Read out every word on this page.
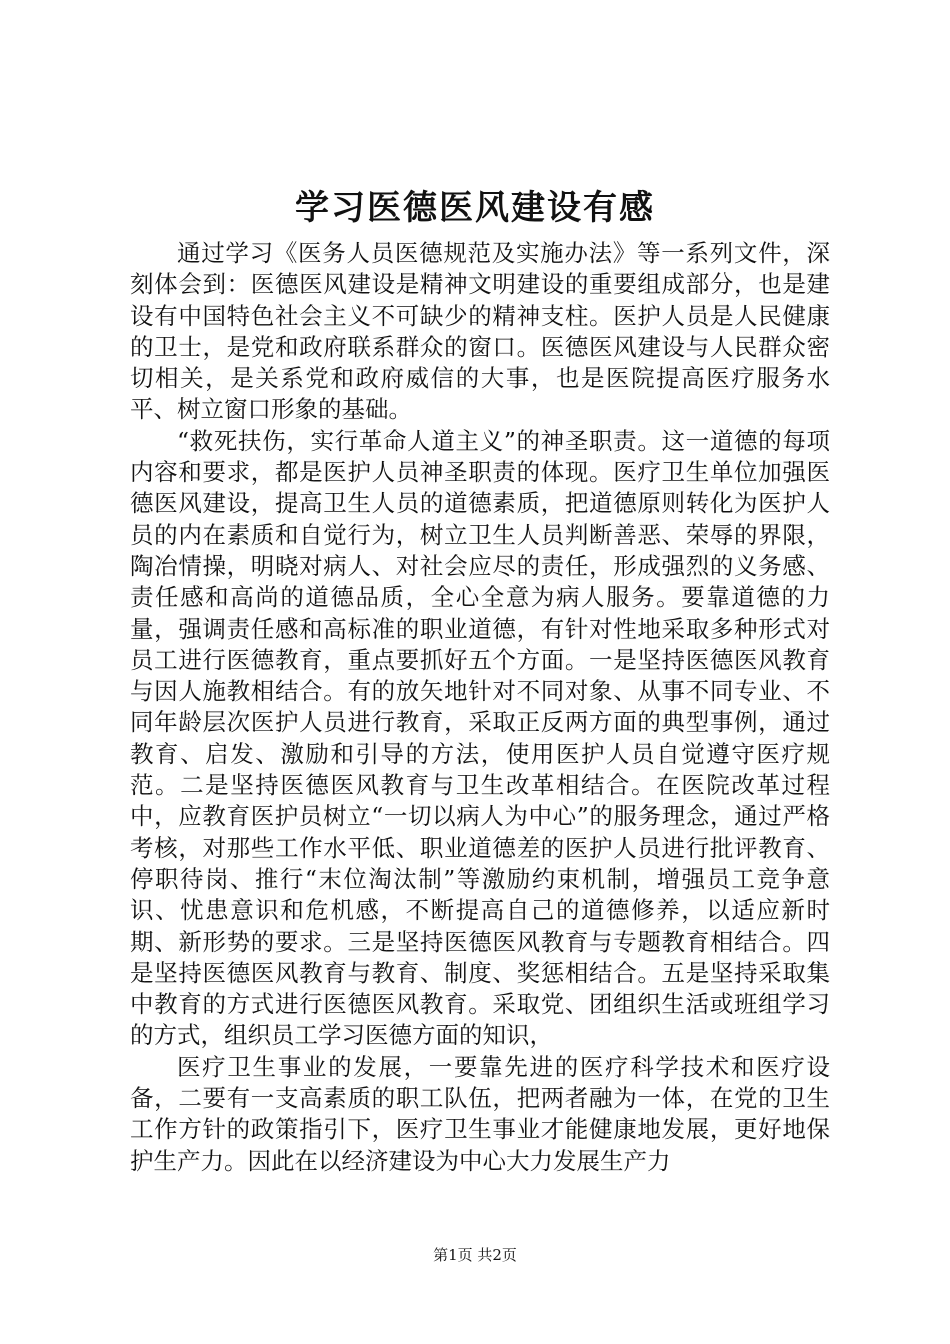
学习医德医风建设有感

通过学习《医务人员医德规范及实施办法》等一系列文件，深刻体会到：医德医风建设是精神文明建设的重要组成部分，也是建设有中国特色社会主义不可缺少的精神支柱。医护人员是人民健康的卫士，是党和政府联系群众的窗口。医德医风建设与人民群众密切相关，是关系党和政府威信的大事，也是医院提高医疗服务水平、树立窗口形象的基础。

“救死扶伤，实行革命人道主义”的神圣职责。这一道德的每项内容和要求，都是医护人员神圣职责的体现。医疗卫生单位加强医德医风建设，提高卫生人员的道德素质，把道德原则转化为医护人员的内在素质和自觉行为，树立卫生人员判断善恶、荣辱的界限，陶冶情操，明晓对病人、对社会应尽的责任，形成强烈的义务感、责任感和高尚的道德品质，全心全意为病人服务。要靠道德的力量，强调责任感和高标准的职业道德，有针对性地采取多种形式对员工进行医德教育，重点要抓好五个方面。一是坚持医德医风教育与因人施教相结合。有的放矢地针对不同对象、从事不同专业、不同年龄层次医护人员进行教育，采取正反两方面的典型事例，通过教育、启发、激励和引导的方法，使用医护人员自觉遵守医疗规范。二是坚持医德医风教育与卫生改革相结合。在医院改革过程中，应教育医护员树立“一切以病人为中心”的服务理念，通过严格考核，对那些工作水平低、职业道德差的医护人员进行批评教育、停职待岗、推行“末位淘汰制”等激励约束机制，增强员工竞争意识、忧患意识和危机感，不断提高自己的道德修养，以适应新时期、新形势的要求。三是坚持医德医风教育与专题教育相结合。四是坚持医德医风教育与教育、制度、奖惩相结合。五是坚持采取集中教育的方式进行医德医风教育。采取党、团组织生活或班组学习的方式，组织员工学习医德方面的知识，

医疗卫生事业的发展，一要靠先进的医疗科学技术和医疗设备，二要有一支高素质的职工队伍，把两者融为一体，在党的卫生工作方针的政策指引下，医疗卫生事业才能健康地发展，更好地保护生产力。因此在以经济建设为中心大力发展生产力

第1页 共2页
